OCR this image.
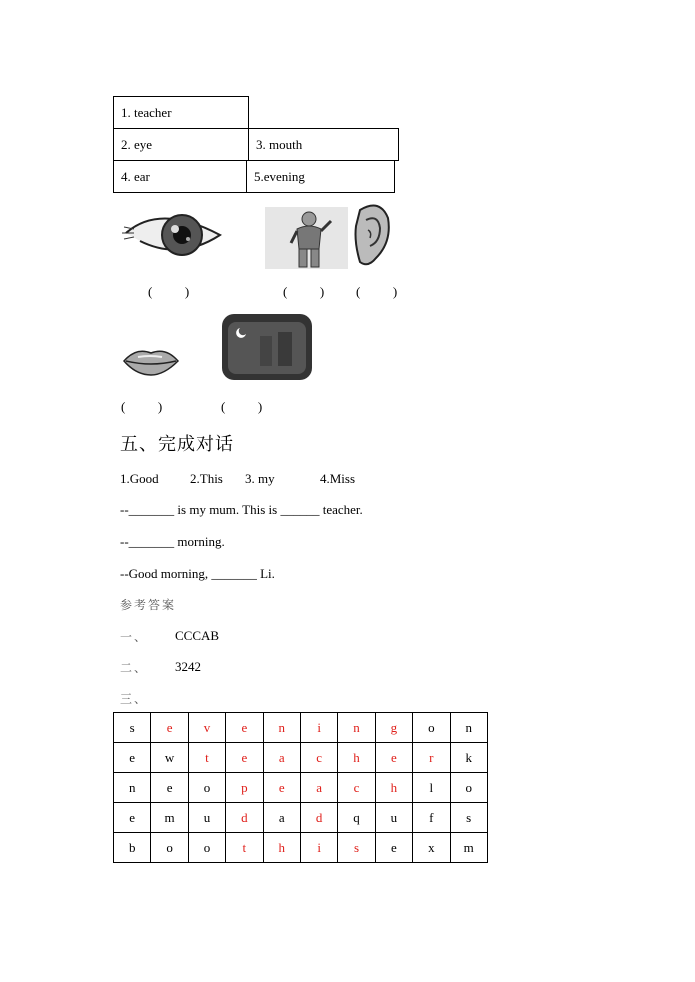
1. teacher
2. eye	3. mouth
4. ear	5.evening
(          )	(          ) (          )
(          )	(          )
五、完成对话
1.Good 2.This 3. my	4.Miss
--_______ is my mum. This is ______ teacher.
--_______ morning.
--Good morning, _______ Li.
参考答案
一、 CCCAB
二、 3242
三、
s	e	v	e	n	i	n	g	o	n
e	w	t	e	a	c	h	e	r	k
n	e	o	p	e	a	c	h	l	o
e	m	u	d	a	d	q	u	f	s
b	o	o	t	h	i	s	e	x	m
